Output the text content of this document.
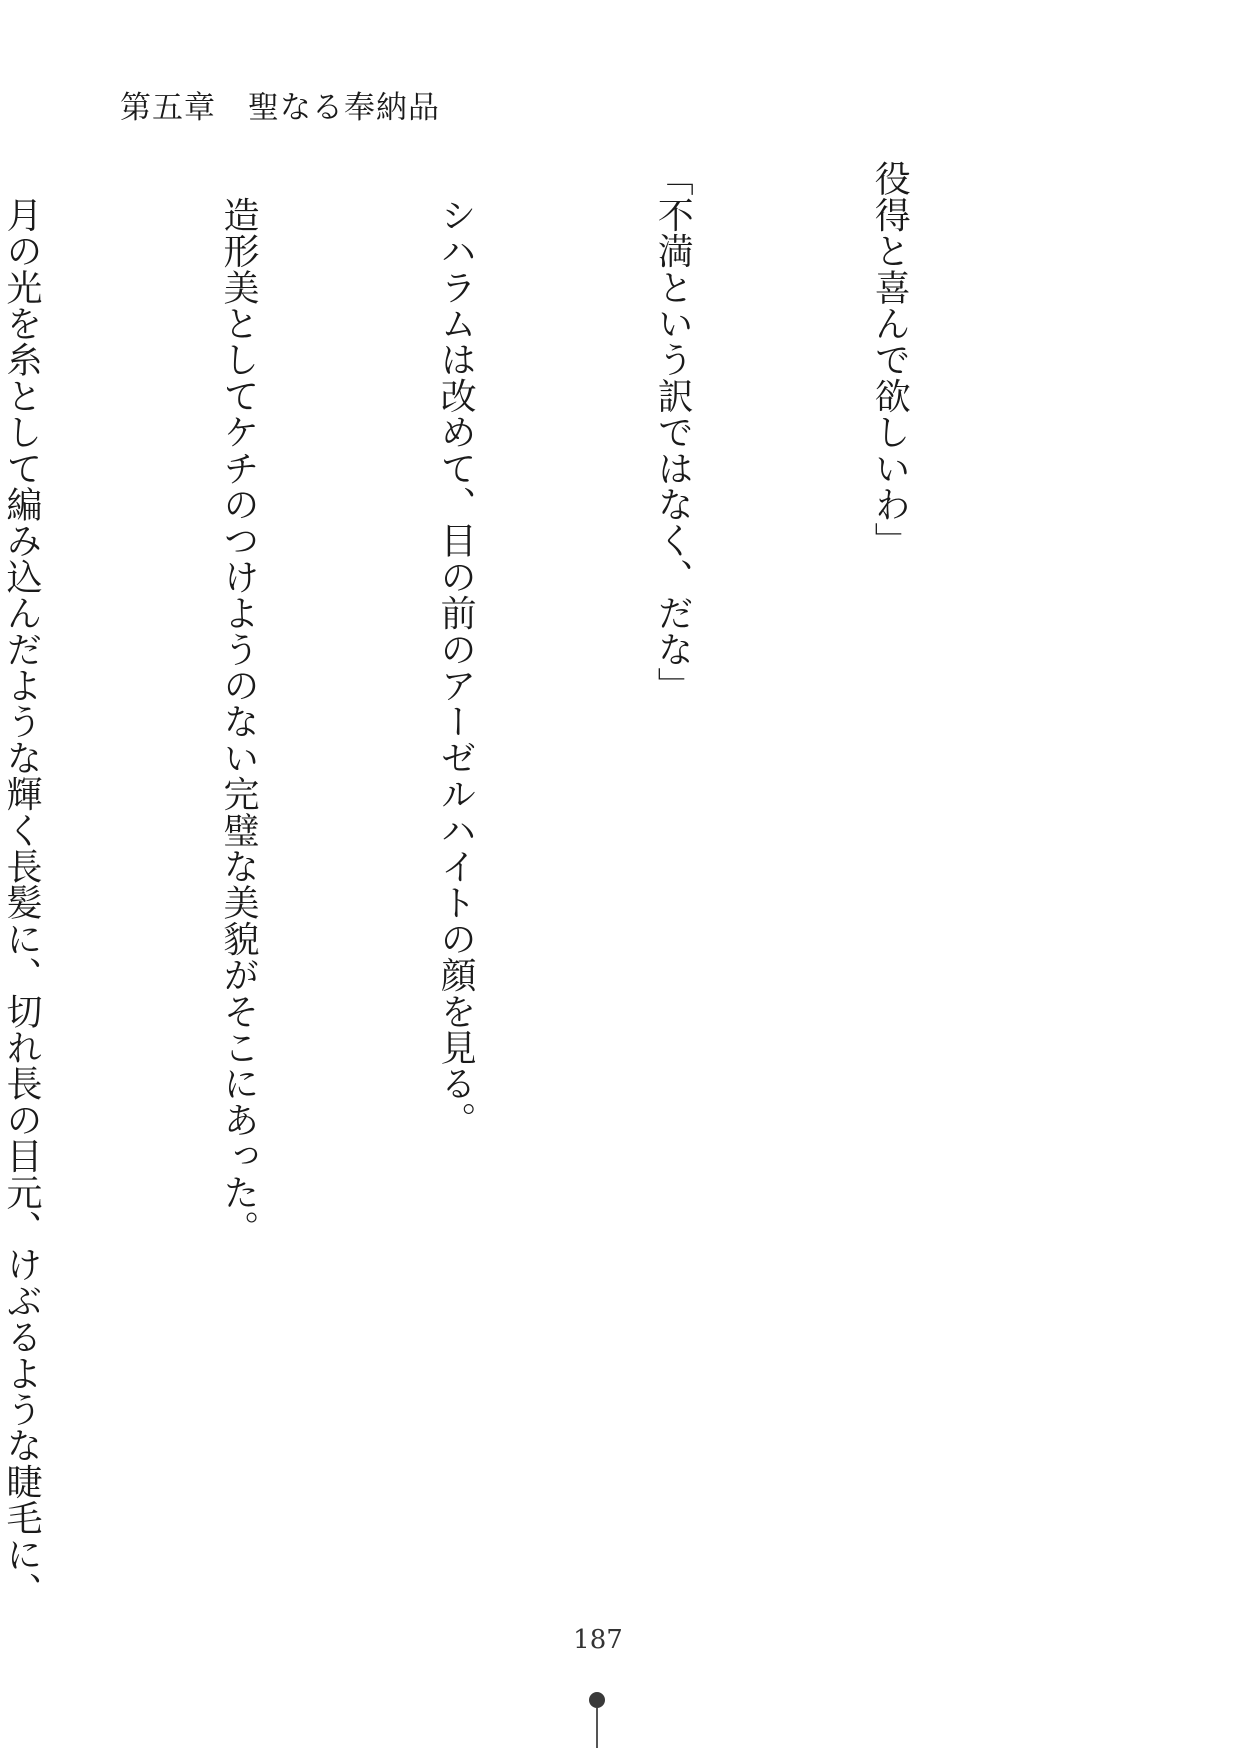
第五章　聖なる奉納品

役得と喜んで欲しいわ」

「不満という訳ではなく、だな」

　シハラムは改めて、目の前のアーゼルハイトの顔を見る。

　造形美としてケチのつけようのない完璧な美貌がそこにあった。

　月の光を糸として編み込んだような輝く長髪に、切れ長の目元、けぶるような睫毛に、

187
